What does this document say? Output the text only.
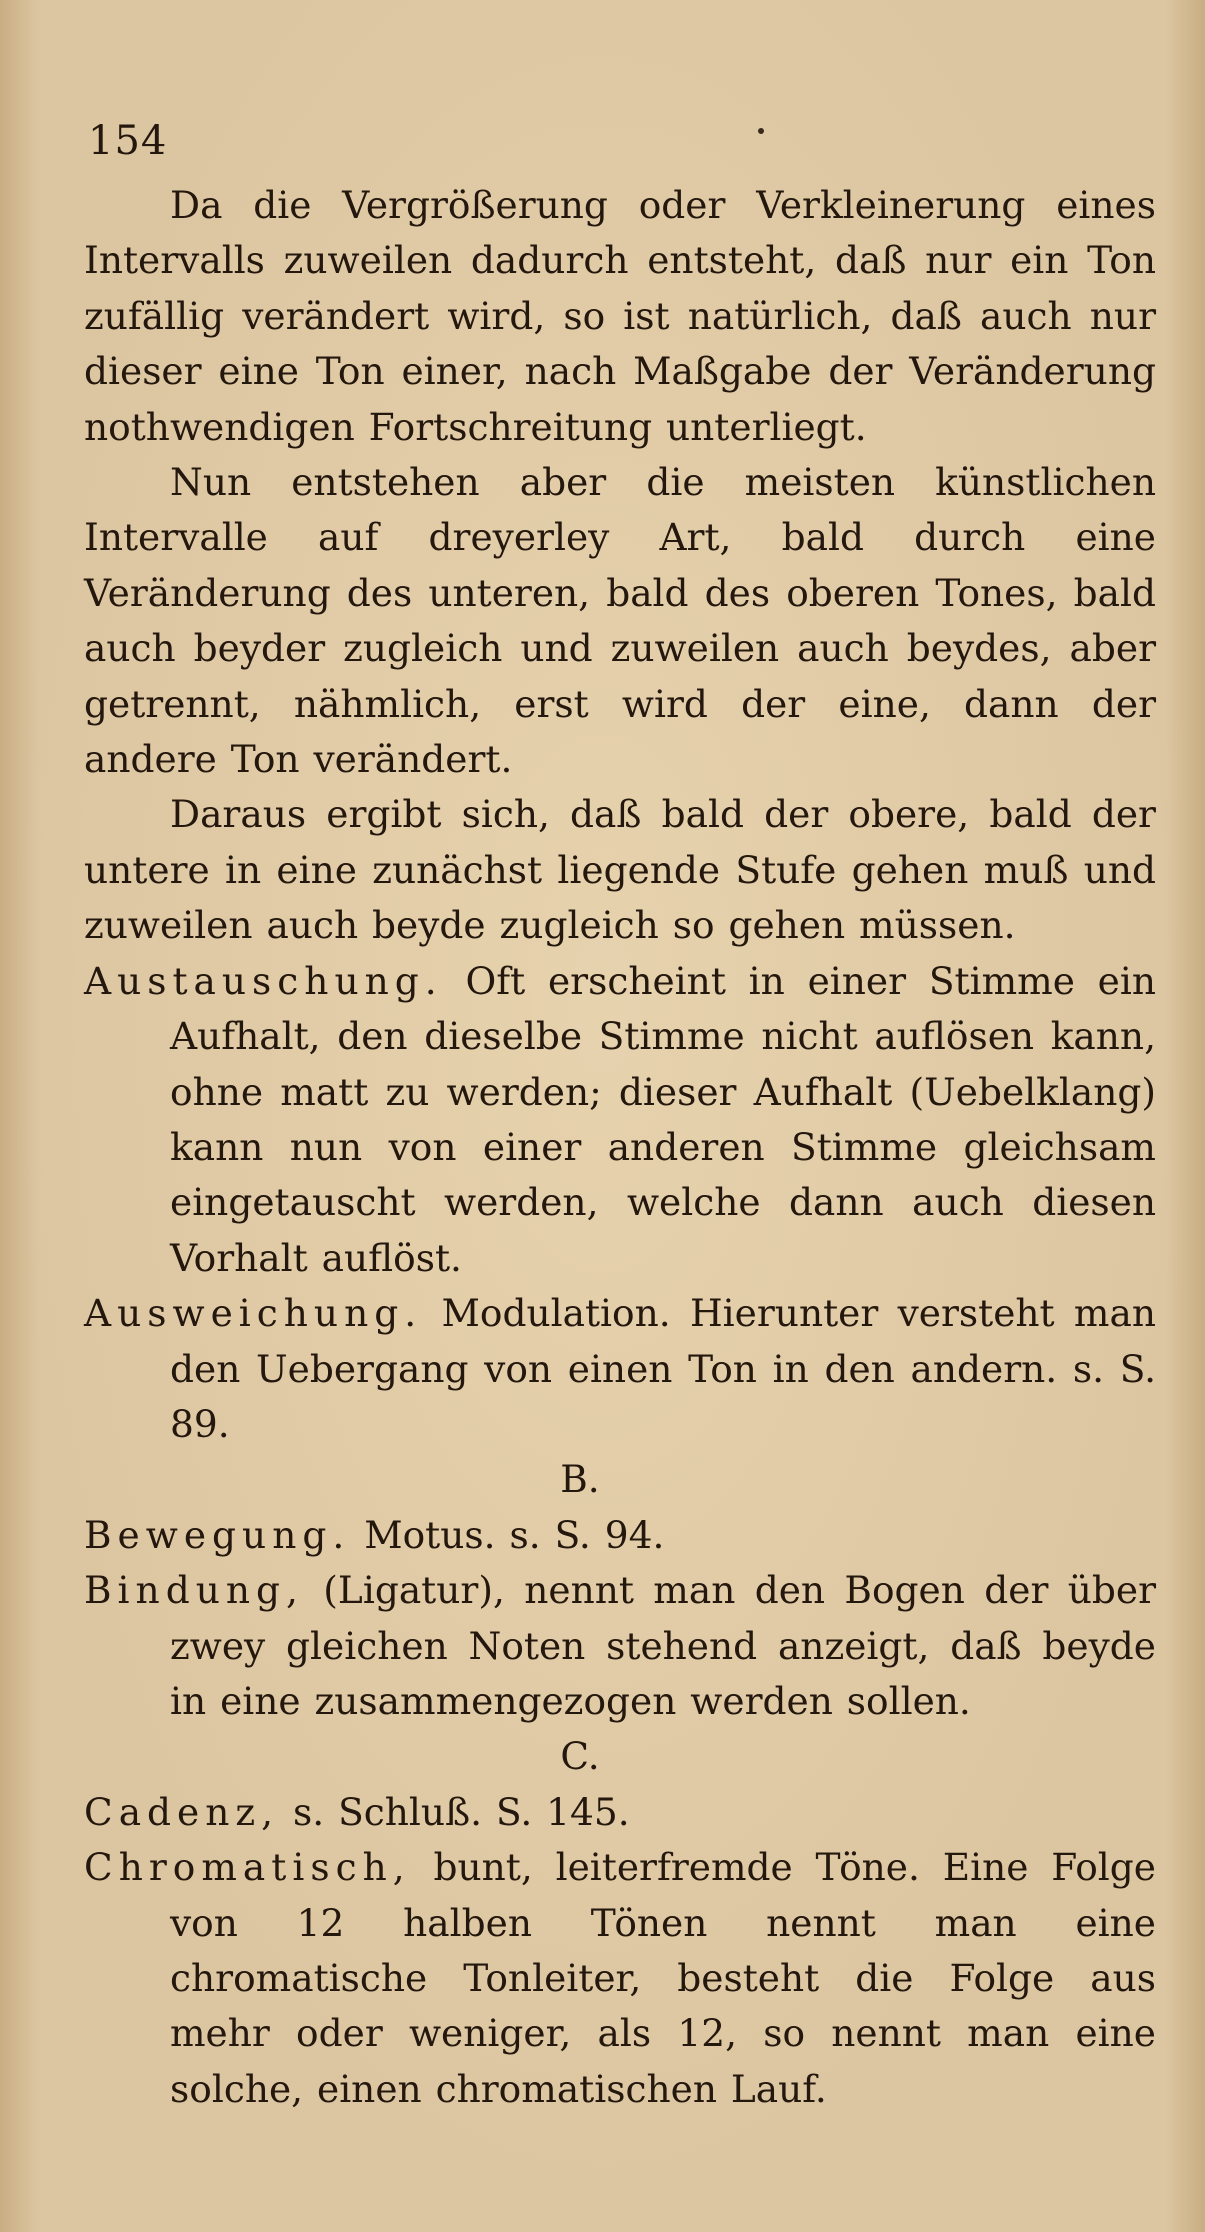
154

Da die Vergrößerung oder Verkleinerung eines Intervalls zuweilen dadurch entsteht, daß nur ein Ton zufällig verändert wird, so ist natürlich, daß auch nur dieser eine Ton einer, nach Maßgabe der Veränderung nothwendigen Fortschreitung unterliegt.

Nun entstehen aber die meisten künstlichen Intervalle auf dreyerley Art, bald durch eine Veränderung des unteren, bald des oberen Tones, bald auch beyder zugleich und zuweilen auch beydes, aber getrennt, nähmlich, erst wird der eine, dann der andere Ton verändert.

Daraus ergibt sich, daß bald der obere, bald der untere in eine zunächst liegende Stufe gehen muß und zuweilen auch beyde zugleich so gehen müssen.

Austauschung. Oft erscheint in einer Stimme ein Aufhalt, den dieselbe Stimme nicht auflösen kann, ohne matt zu werden; dieser Aufhalt (Uebelklang) kann nun von einer anderen Stimme gleichsam eingetauscht werden, welche dann auch diesen Vorhalt auflöst.

Ausweichung. Modulation. Hierunter versteht man den Uebergang von einen Ton in den andern. s. S. 89.

B.

Bewegung. Motus. s. S. 94.

Bindung, (Ligatur), nennt man den Bogen der über zwey gleichen Noten stehend anzeigt, daß beyde in eine zusammengezogen werden sollen.

C.

Cadenz, s. Schluß. S. 145.

Chromatisch, bunt, leiterfremde Töne. Eine Folge von 12 halben Tönen nennt man eine chromatische Tonleiter, besteht die Folge aus mehr oder weniger, als 12, so nennt man eine solche, einen chromatischen Lauf.
